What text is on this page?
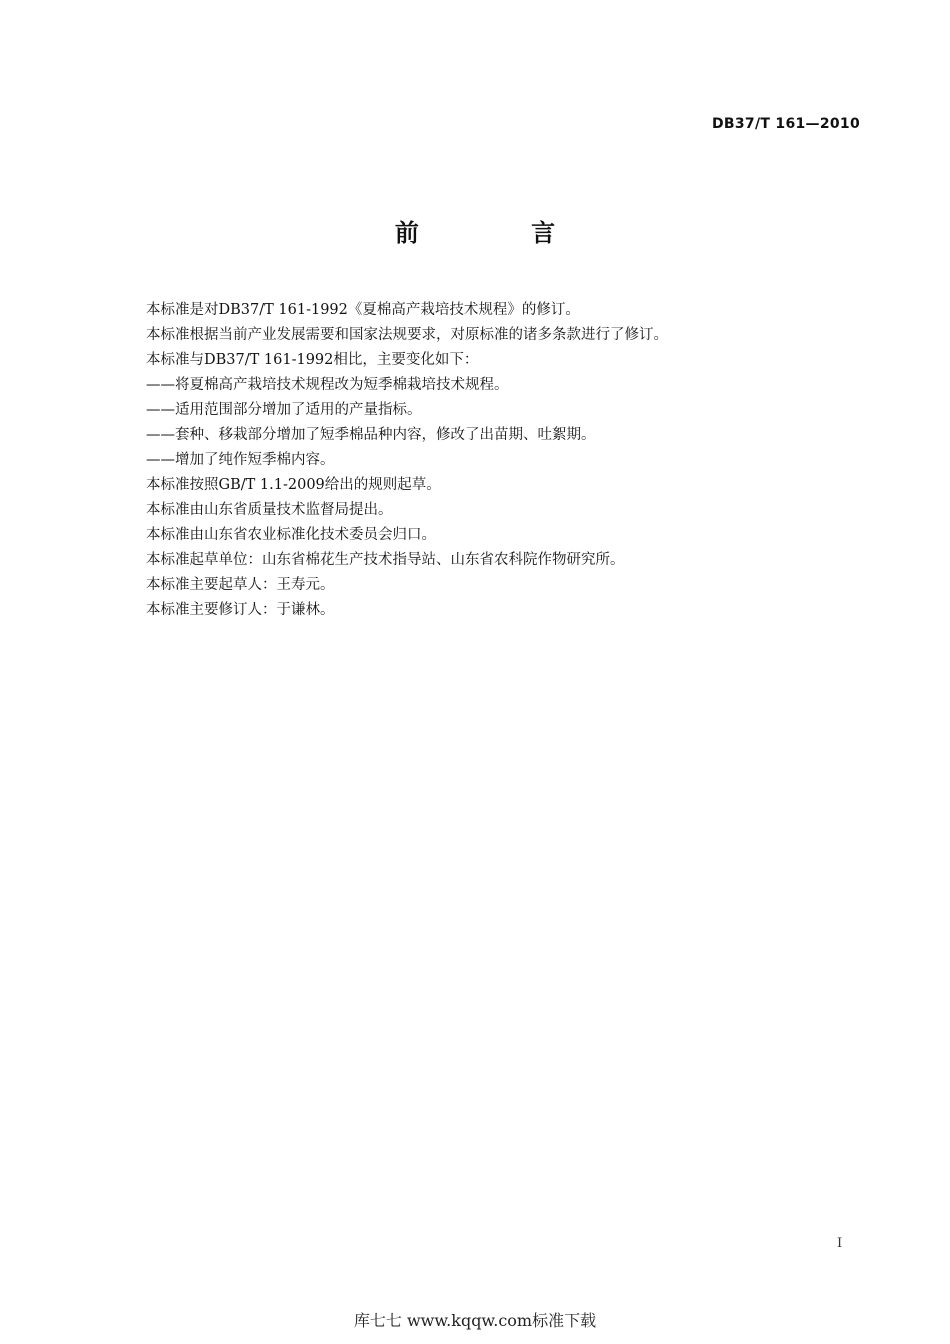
DB37/T 161—2010
前 言
本标准是对DB37/T 161-1992《夏棉高产栽培技术规程》的修订。
本标准根据当前产业发展需要和国家法规要求，对原标准的诸多条款进行了修订。
本标准与DB37/T 161-1992相比，主要变化如下：
——将夏棉高产栽培技术规程改为短季棉栽培技术规程。
——适用范围部分增加了适用的产量指标。
——套种、移栽部分增加了短季棉品种内容，修改了出苗期、吐絮期。
——增加了纯作短季棉内容。
本标准按照GB/T 1.1-2009给出的规则起草。
本标准由山东省质量技术监督局提出。
本标准由山东省农业标准化技术委员会归口。
本标准起草单位：山东省棉花生产技术指导站、山东省农科院作物研究所。
本标准主要起草人：王寿元。
本标准主要修订人：于谦林。
I
库七七 www.kqqw.com标准下载
